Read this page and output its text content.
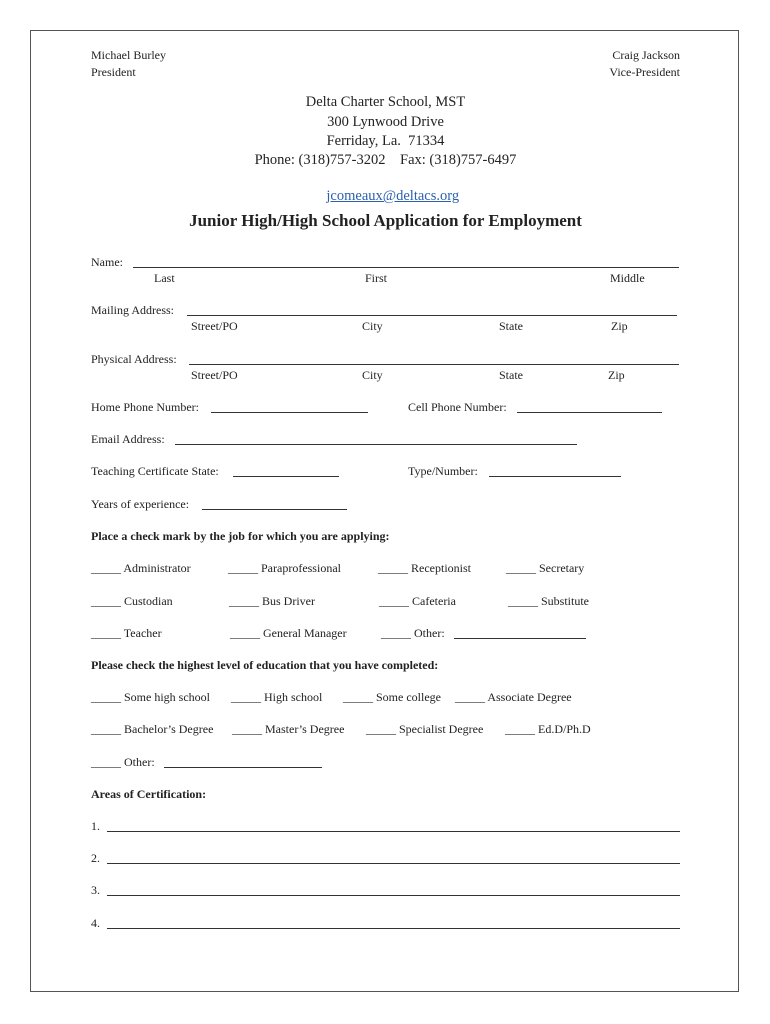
Michael Burley
President
Craig Jackson
Vice-President
Delta Charter School, MST
300 Lynwood Drive
Ferriday, La.  71334
Phone: (318)757-3202    Fax: (318)757-6497

jcomeaux@deltacs.org

Junior High/High School Application for Employment
Name:
Last	First	Middle
Mailing Address:
Street/PO	City	State	Zip
Physical Address:
Street/PO	City	State	Zip
Home Phone Number:	Cell Phone Number:
Email Address:
Teaching Certificate State:	Type/Number:
Years of experience:
Place a check mark by the job for which you are applying:
_____ Administrator	_____ Paraprofessional	_____ Receptionist	_____ Secretary
_____ Custodian	_____ Bus Driver	_____ Cafeteria	_____ Substitute
_____ Teacher	_____ General Manager	_____ Other:
Please check the highest level of education that you have completed:
_____ Some high school _____ High school _____ Some college _____ Associate Degree
_____ Bachelor’s Degree _____ Master’s Degree _____ Specialist Degree _____ Ed.D/Ph.D
_____ Other:
Areas of Certification:
1.
2.
3.
4.
